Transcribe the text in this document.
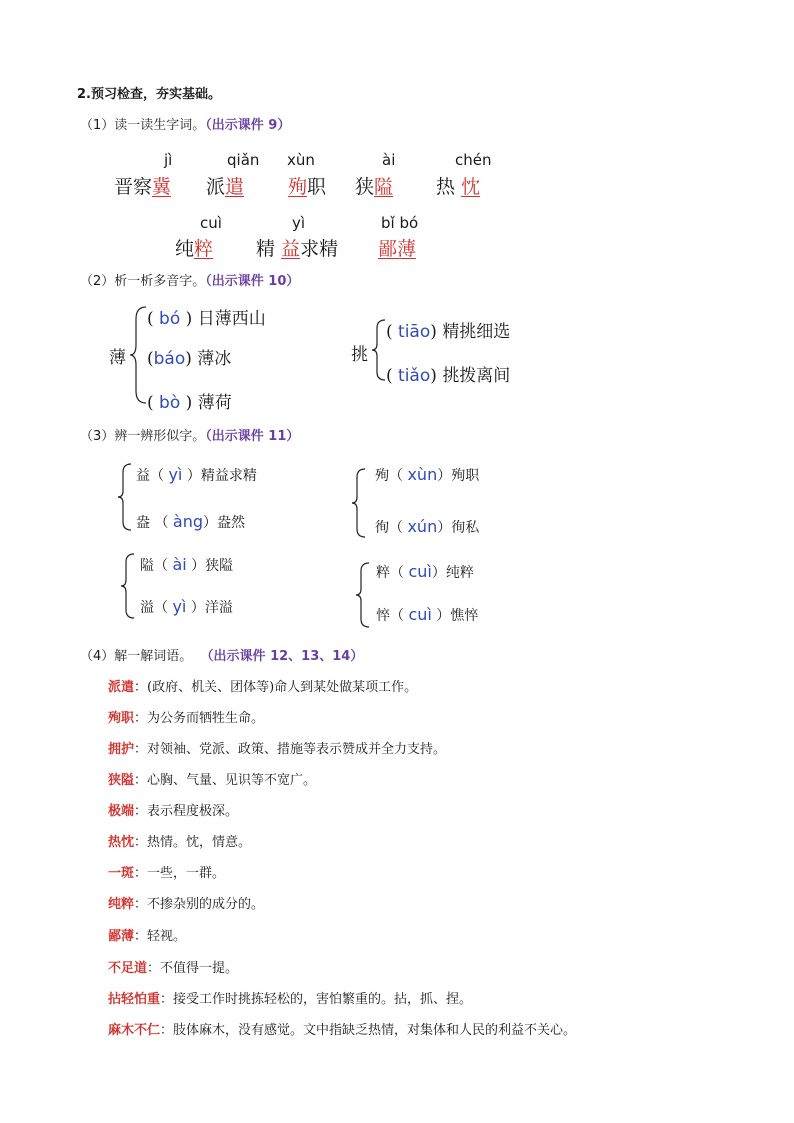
2.预习检查，夯实基础。
（1）读一读生字词。（出示课件 9）
jì	qiǎn xùn	ài	chén
晋察冀 派遣 殉职 狭隘 热 忱
cuì	yì	bǐ bó
纯粹 精 益求精 鄙薄
（2）析一析多音字。（出示课件 10）
薄
( bó ) 日薄西山
(báo) 薄冰
( bò ) 薄荷
挑
( tiāo) 精挑细选
( tiǎo) 挑拨离间
（3）辨一辨形似字。（出示课件 11）
益（ yì ）精益求精
盎 （ àng）盎然
殉（ xùn）殉职
徇（ xún）徇私
隘（ ài ）狭隘
溢（ yì ）洋溢
粹（ cuì）纯粹
悴（ cuì ）憔悴
（4）解一解词语。 （出示课件 12、13、14）
派遣：(政府、机关、团体等)命人到某处做某项工作。
殉职：为公务而牺牲生命。
拥护：对领袖、党派、政策、措施等表示赞成并全力支持。
狭隘：心胸、气量、见识等不宽广。
极端：表示程度极深。
热忱：热情。忱，情意。
一斑：一些，一群。
纯粹：不掺杂别的成分的。
鄙薄：轻视。
不足道：不值得一提。
拈轻怕重：接受工作时挑拣轻松的，害怕繁重的。拈，抓、捏。
麻木不仁：肢体麻木，没有感觉。文中指缺乏热情，对集体和人民的利益不关心。
